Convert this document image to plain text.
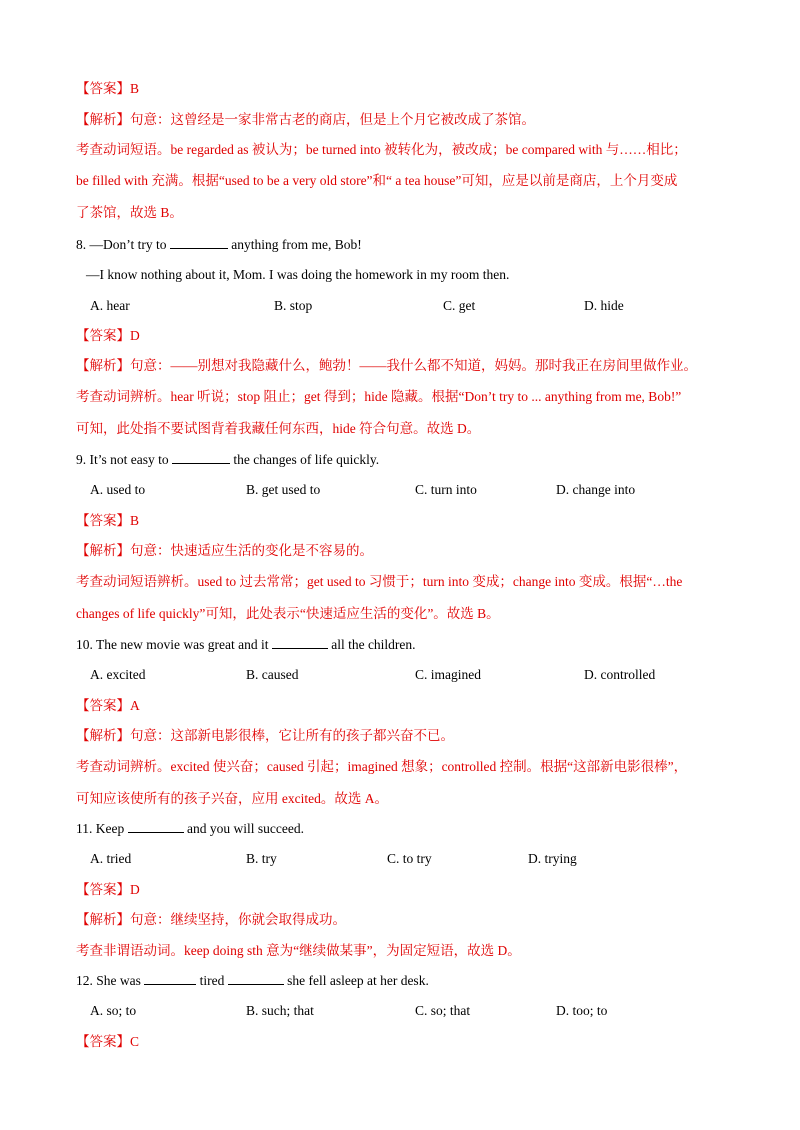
【答案】B
【解析】句意：这曾经是一家非常古老的商店，但是上个月它被改成了茶馆。
考查动词短语。be regarded as 被认为；be turned into 被转化为，被改成；be compared with 与……相比；
be filled with 充满。根据“used to be a very old store”和“ a tea house”可知，应是以前是商店，上个月变成
了茶馆，故选 B。
8. —Don’t try to	anything from me, Bob!
—I know nothing about it, Mom. I was doing the homework in my room then.
A. hear	B. stop	C. get	D. hide
【答案】D
【解析】句意：——别想对我隐藏什么，鲍勃！——我什么都不知道，妈妈。那时我正在房间里做作业。
考查动词辨析。hear 听说；stop 阻止；get 得到；hide 隐藏。根据“Don’t try to ... anything from me, Bob!”
可知，此处指不要试图背着我藏任何东西，hide 符合句意。故选 D。
9. It’s not easy to	the changes of life quickly.
A. used to	B. get used to	C. turn into	D. change into
【答案】B
【解析】句意：快速适应生活的变化是不容易的。
考查动词短语辨析。used to 过去常常；get used to 习惯于；turn into 变成；change into 变成。根据“…the
changes of life quickly”可知，此处表示“快速适应生活的变化”。故选 B。
10. The new movie was great and it	all the children.
A. excited	B. caused	C. imagined	D. controlled
【答案】A
【解析】句意：这部新电影很棒，它让所有的孩子都兴奋不已。
考查动词辨析。excited 使兴奋；caused 引起；imagined 想象；controlled 控制。根据“这部新电影很棒”，
可知应该使所有的孩子兴奋，应用 excited。故选 A。
11. Keep	and you will succeed.
A. tried	B. try	C. to try	D. trying
【答案】D
【解析】句意：继续坚持，你就会取得成功。
考查非谓语动词。keep doing sth 意为“继续做某事”，为固定短语，故选 D。
12. She was	tired	she fell asleep at her desk.
A. so; to	B. such; that	C. so; that	D. too; to
【答案】C
